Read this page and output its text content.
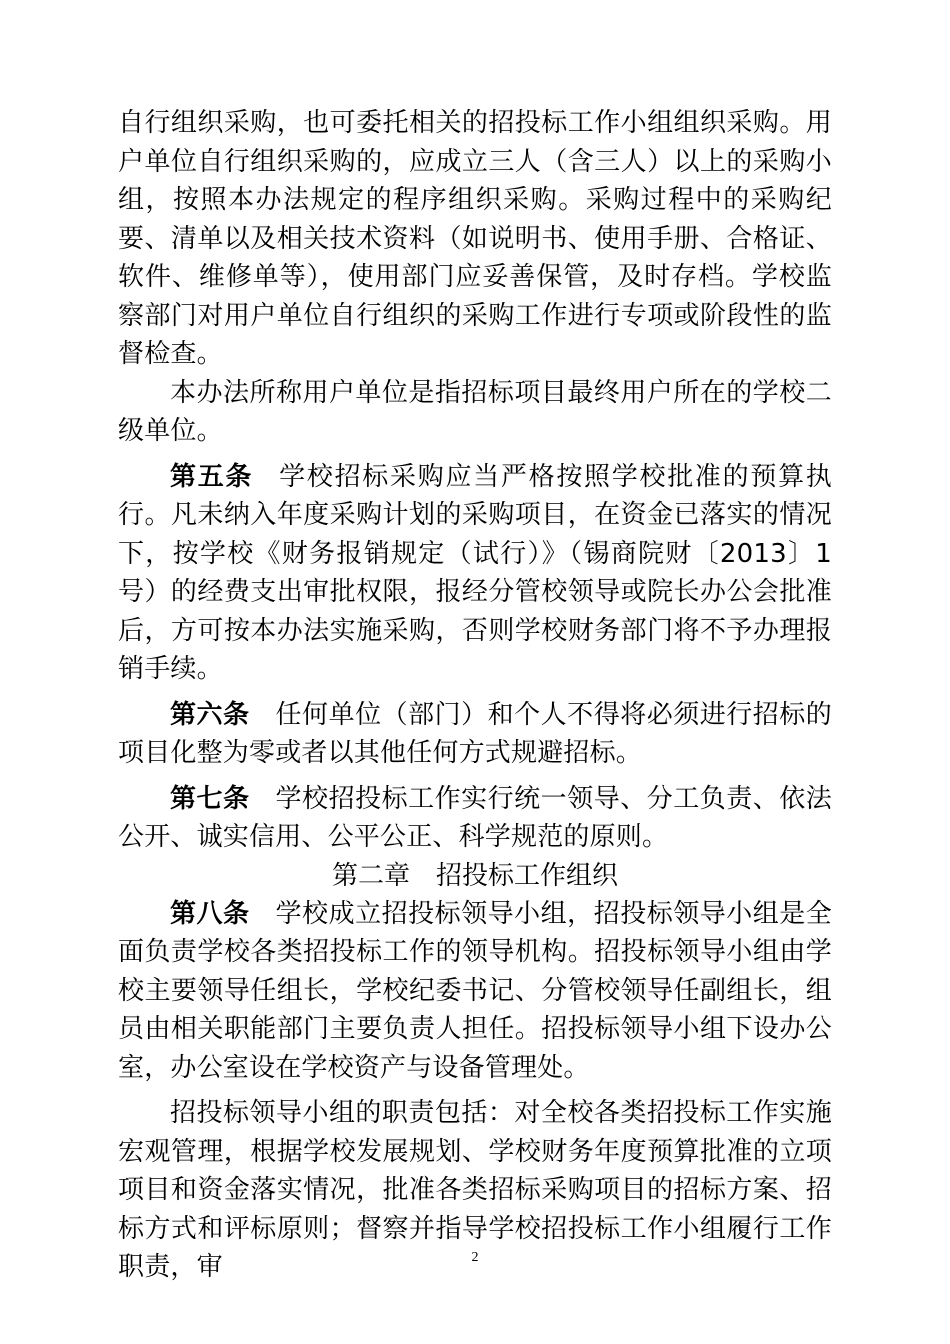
自行组织采购，也可委托相关的招投标工作小组组织采购。用户单位自行组织采购的，应成立三人（含三人）以上的采购小组，按照本办法规定的程序组织采购。采购过程中的采购纪要、清单以及相关技术资料（如说明书、使用手册、合格证、软件、维修单等），使用部门应妥善保管，及时存档。学校监察部门对用户单位自行组织的采购工作进行专项或阶段性的监督检查。

本办法所称用户单位是指招标项目最终用户所在的学校二级单位。

第五条 学校招标采购应当严格按照学校批准的预算执行。凡未纳入年度采购计划的采购项目，在资金已落实的情况下，按学校《财务报销规定（试行）》（锡商院财〔2013〕1 号）的经费支出审批权限，报经分管校领导或院长办公会批准后，方可按本办法实施采购，否则学校财务部门将不予办理报销手续。

第六条 任何单位（部门）和个人不得将必须进行招标的项目化整为零或者以其他任何方式规避招标。

第七条 学校招投标工作实行统一领导、分工负责、依法公开、诚实信用、公平公正、科学规范的原则。

第二章　招投标工作组织

第八条 学校成立招投标领导小组，招投标领导小组是全面负责学校各类招投标工作的领导机构。招投标领导小组由学校主要领导任组长，学校纪委书记、分管校领导任副组长，组员由相关职能部门主要负责人担任。招投标领导小组下设办公室，办公室设在学校资产与设备管理处。

招投标领导小组的职责包括：对全校各类招投标工作实施宏观管理，根据学校发展规划、学校财务年度预算批准的立项项目和资金落实情况，批准各类招标采购项目的招标方案、招标方式和评标原则；督察并指导学校招投标工作小组履行工作职责，审	2
